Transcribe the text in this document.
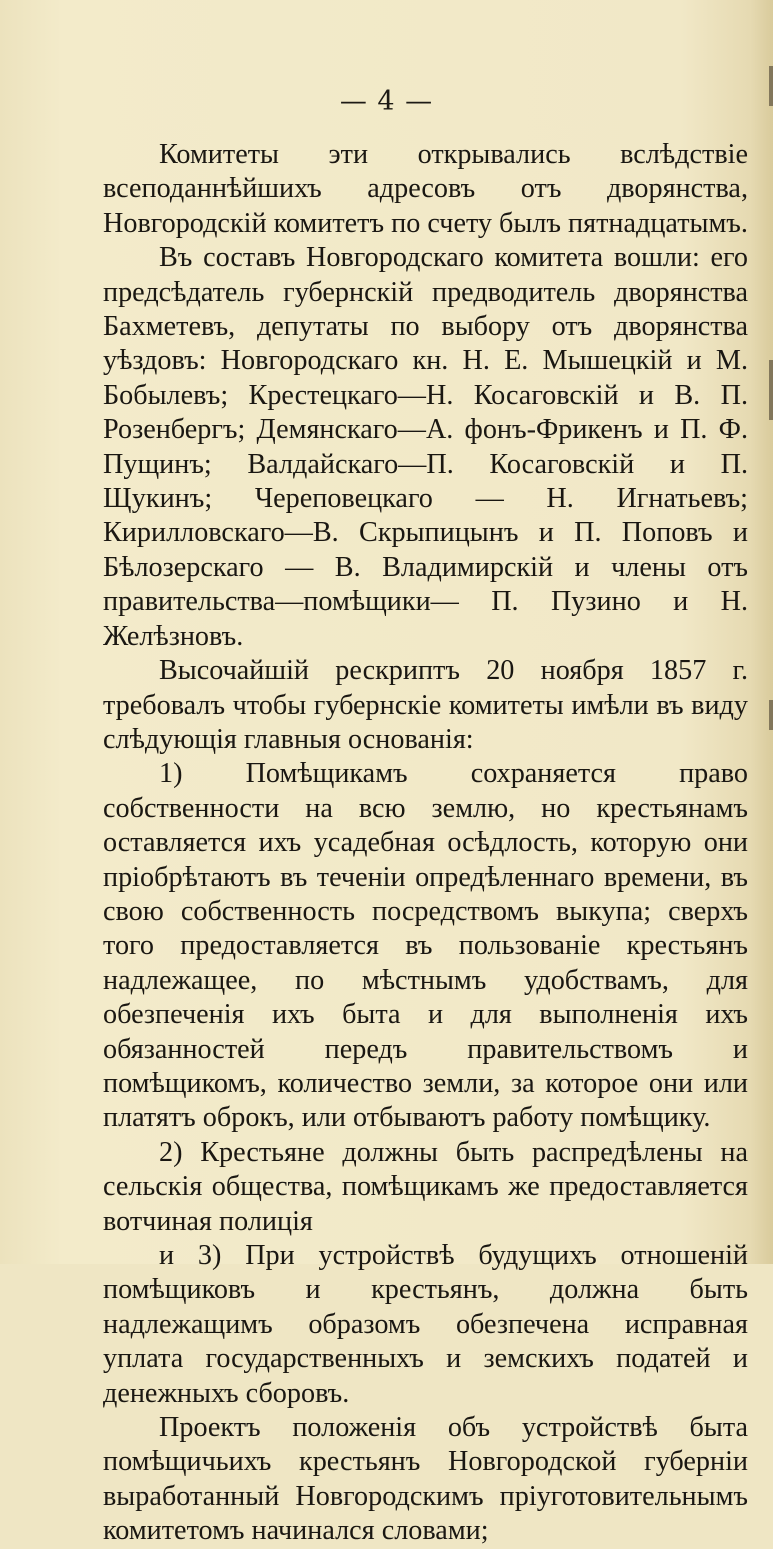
— 4 —

Комитеты эти открывались вслѣдствіе всеподаннѣйшихъ адресовъ отъ дворянства, Новгородскій комитетъ по счету былъ пятнадцатымъ.

Въ составъ Новгородскаго комитета вошли: его предсѣдатель губернскій предводитель дворянства Бахметевъ, депутаты по выбору отъ дворянства уѣздовъ: Новгородскаго кн. Н. Е. Мышецкій и М. Бобылевъ; Крестецкаго—Н. Косаговскій и В. П. Розенбергъ; Демянскаго—А. фонъ-Фрикенъ и П. Ф. Пущинъ; Валдайскаго—П. Косаговскій и П. Щукинъ; Череповецкаго — Н. Игнатьевъ; Кирилловскаго—В. Скрыпицынъ и П. Поповъ и Бѣлозерскаго — В. Владимирскій и члены отъ правительства—помѣщики— П. Пузино и Н. Желѣзновъ.

Высочайшій рескриптъ 20 ноября 1857 г. требовалъ чтобы губернскіе комитеты имѣли въ виду слѣдующія главныя основанія:

1) Помѣщикамъ сохраняется право собственности на всю землю, но крестьянамъ оставляется ихъ усадебная осѣдлость, которую они пріобрѣтаютъ въ теченіи опредѣленнаго времени, въ свою собственность посредствомъ выкупа; сверхъ того предоставляется въ пользованіе крестьянъ надлежащее, по мѣстнымъ удобствамъ, для обезпеченія ихъ быта и для выполненія ихъ обязанностей передъ правительствомъ и помѣщикомъ, количество земли, за которое они или платятъ оброкъ, или отбываютъ работу помѣщику.

2) Крестьяне должны быть распредѣлены на сельскія общества, помѣщикамъ же предоставляется вотчиная полиція

и 3) При устройствѣ будущихъ отношеній помѣщиковъ и крестьянъ, должна быть надлежащимъ образомъ обезпечена исправная уплата государственныхъ и земскихъ податей и денежныхъ сборовъ.

Проектъ положенія объ устройствѣ быта помѣщичьихъ крестьянъ Новгородской губерніи выработанный Новгородскимъ пріуготовительнымъ комитетомъ начинался словами;
